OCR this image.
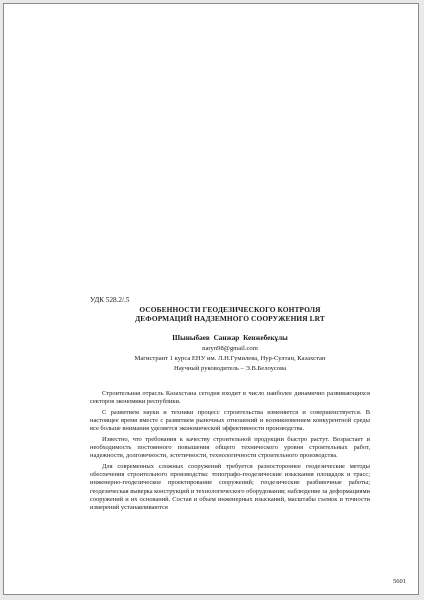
УДК 528.2/.5

ОСОБЕННОСТИ ГЕОДЕЗИЧЕСКОГО КОНТРОЛЯ

ДЕФОРМАЦИЙ НАДЗЕМНОГО СООРУЖЕНИЯ LRT

Шыныбаев Санжар Кенжебекұлы

naryn98@gmail.com

Магистрант 1 курса ЕНУ им. Л.Н.Гумилева, Нур-Султан, Казахстан

Научный руководитель – Э.В.Белоусова

Строительная отрасль Казахстана сегодня входит в число наиболее динамично развивающихся секторов экономики республики.

С развитием науки и техники процесс строительства изменяется и совершенствуется. В настоящее время вместе с развитием рыночных отношений и возникновением конкурентной среды все больше внимания уделяется экономической эффективности производства.

Известно, что требования к качеству строительной продукции быстро растут. Возрастает и необходимость постоянного повышения общего технического уровня строительных работ, надежности, долговечности, эстетичности, технологичности строительного производства.

Для современных сложных сооружений требуется разностороннее геодезические методы обеспечения строительного производства: топографо-геодезические изыскания площадок и трасс; инженерно-геодезическое проектирование сооружений; геодезические разбивочные работы; геодезическая выверка конструкций и технологического оборудования; наблюдение за деформациями сооружений и их оснований. Состав и объем инженерных изысканий, масштабы съемок и точности измерений устанавливаются

5601
